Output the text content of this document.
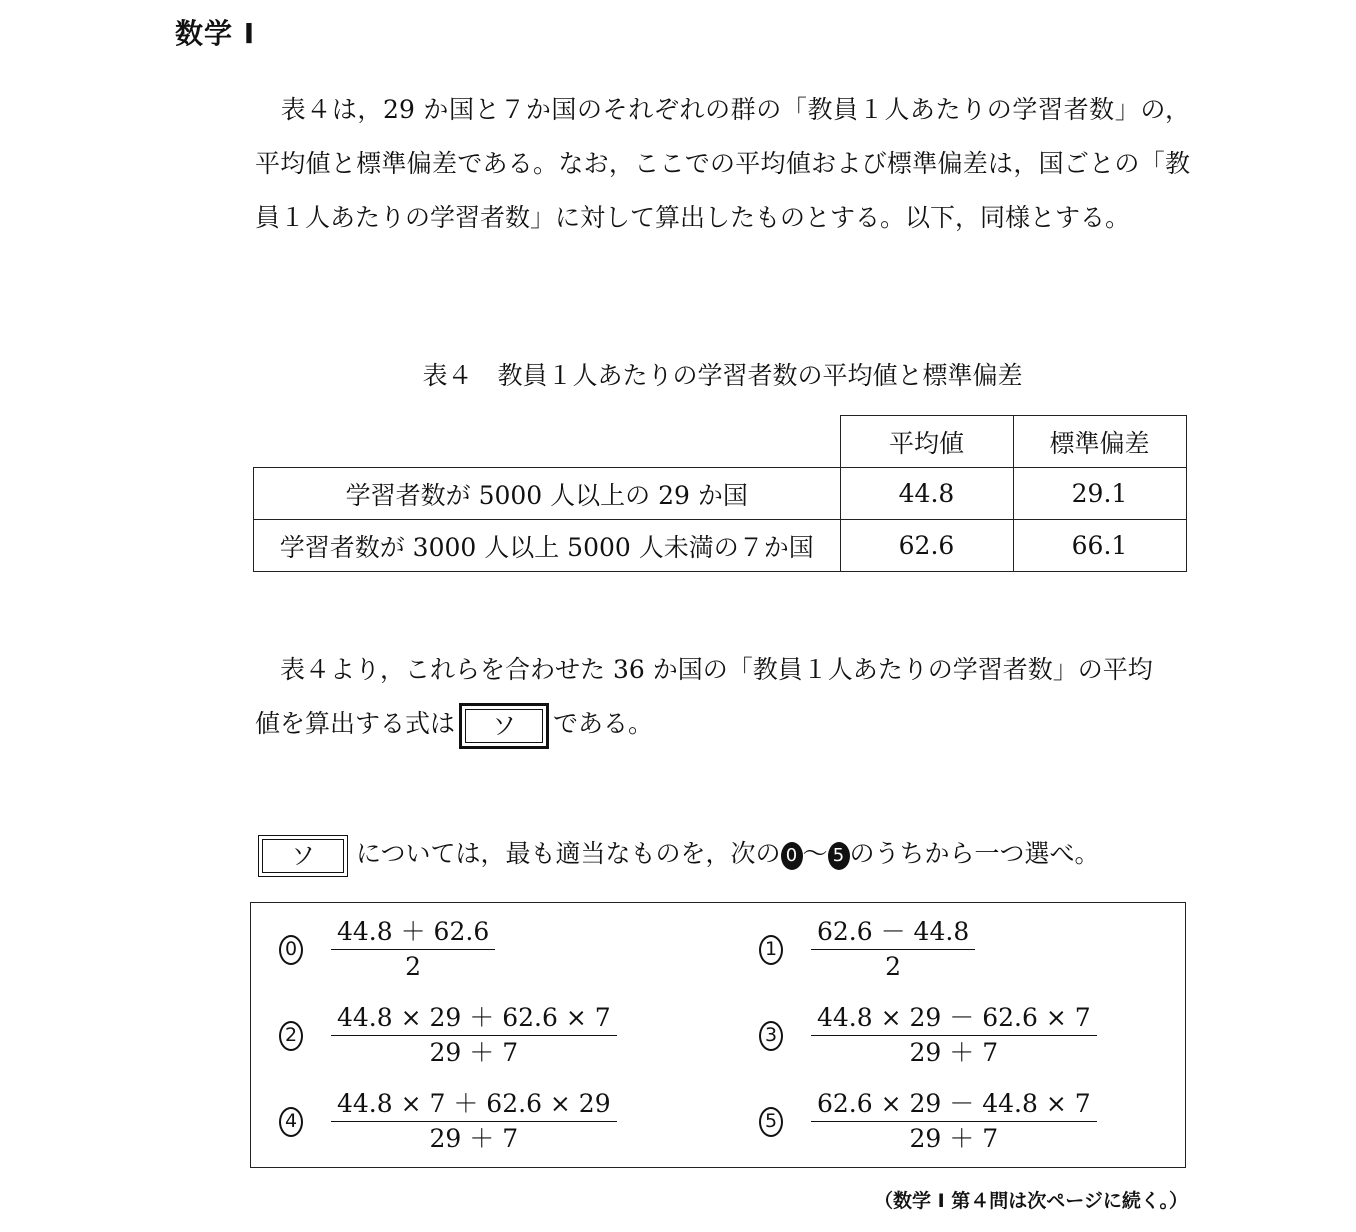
数学 I
表４は，29 か国と７か国のそれぞれの群の「教員１人あたりの学習者数」の，平均値と標準偏差である。なお，ここでの平均値および標準偏差は，国ごとの「教員１人あたりの学習者数」に対して算出したものとする。以下，同様とする。
表４　教員１人あたりの学習者数の平均値と標準偏差
	平均値	標準偏差
学習者数が 5000 人以上の 29 か国	44.8	29.1
学習者数が 3000 人以上 5000 人未満の７か国	62.6	66.1
表４より，これらを合わせた 36 か国の「教員１人あたりの学習者数」の平均
値を算出する式は	ソ	である。
ソ	については，最も適当なものを，次の 0 ～ 5 のうちから一つ選べ。
$0 \frac{44.8 + 62.6}{2}$	$1 \frac{62.6 - 44.8}{2}$
$2 \frac{44.8 \times 29 + 62.6 \times 7}{29 + 7}$	$3 \frac{44.8 \times 29 - 62.6 \times 7}{29 + 7}$
$4 \frac{44.8 \times 7 + 62.6 \times 29}{29 + 7}$	$5 \frac{62.6 \times 29 - 44.8 \times 7}{29 + 7}$
（数学 I 第４問は次ページに続く。）
